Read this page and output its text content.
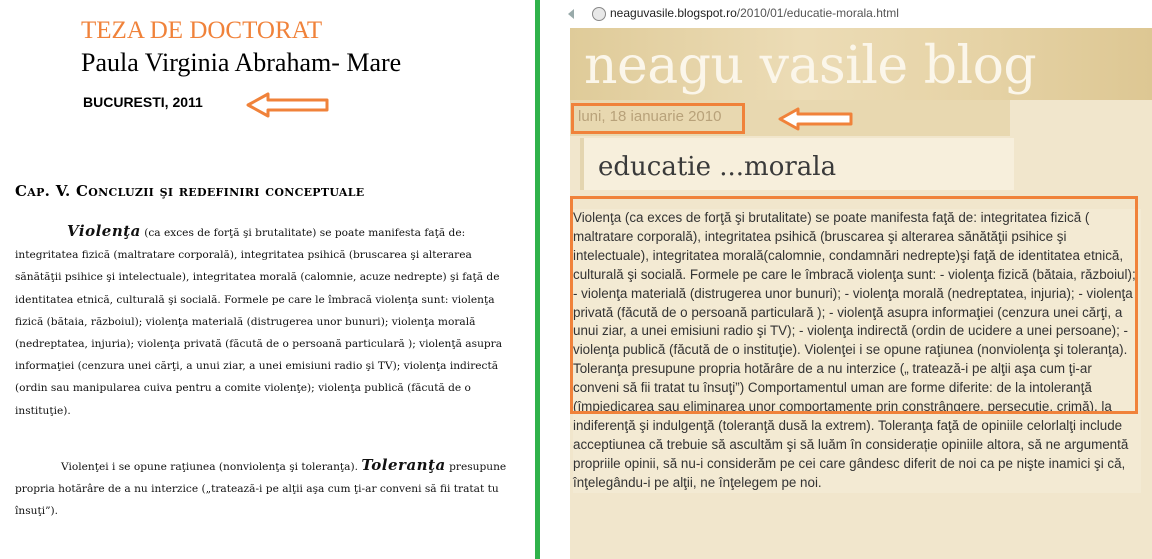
TEZA DE DOCTORAT
Paula Virginia Abraham- Mare
BUCURESTI, 2011
Cap. V. Concluzii şi redefiniri conceptuale
Violenţa (ca exces de forţă şi brutalitate) se poate manifesta faţă de: integritatea fizică (maltratare corporală), integritatea psihică (bruscarea şi alterarea sănătăţii psihice şi intelectuale), integritatea morală (calomnie, acuze nedrepte) şi faţă de identitatea etnică, culturală şi socială. Formele pe care le îmbracă violenţa sunt: violenţa fizică (bătaia, războiul); violenţa materială (distrugerea unor bunuri); violenţa morală (nedreptatea, injuria); violenţa privată (făcută de o persoană particulară ); violenţă asupra informaţiei (cenzura unei cărţi, a unui ziar, a unei emisiuni radio şi TV); violenţa indirectă (ordin sau manipularea cuiva pentru a comite violenţe); violenţa publică (făcută de o instituţie).
Violenţei i se opune raţiunea (nonviolenţa şi toleranţa). Toleranţa presupune propria hotărâre de a nu interzice („tratează-i pe alţii aşa cum ţi-ar conveni să fii tratat tu însuţi”).
neaguvasile.blogspot.ro/2010/01/educatie-morala.html
neagu vasile blog
luni, 18 ianuarie 2010
educatie ...morala
Violenţa (ca exces de forţă şi brutalitate) se poate manifesta faţă de: integritatea fizică ( maltratare corporală), integritatea psihică (bruscarea şi alterarea sănătăţii psihice şi intelectuale), integritatea morală(calomnie, condamnări nedrepte)şi faţă de identitatea etnică, culturală şi socială. Formele pe care le îmbracă violenţa sunt: - violenţa fizică (bătaia, războiul); - violenţa materială (distrugerea unor bunuri); - violenţa morală (nedreptatea, injuria); - violenţa privată (făcută de o persoană particulară ); - violenţă asupra informaţiei (cenzura unei cărţi, a unui ziar, a unei emisiuni radio şi TV); - violenţa indirectă (ordin de ucidere a unei persoane); - violenţa publică (făcută de o instituţie). Violenţei i se opune raţiunea (nonviolenţa şi toleranţa). Toleranţa presupune propria hotărâre de a nu interzice („ tratează-i pe alţii aşa cum ţi-ar conveni să fii tratat tu însuţi”) Comportamentul uman are forme diferite: de la intoleranţă (împiedicarea sau eliminarea unor comportamente prin constrângere, persecuţie, crimă), la indiferenţă şi indulgenţă (toleranţă dusă la extrem). Toleranţa faţă de opiniile celorlalţi include acceptiunea că trebuie să ascultăm şi să luăm în considerație opiniile altora, să ne argumentă propriile opinii, să nu-i considerăm pe cei care gândesc diferit de noi ca pe nişte inamici şi că, înţelegându-i pe alţii, ne înţelegem pe noi.
